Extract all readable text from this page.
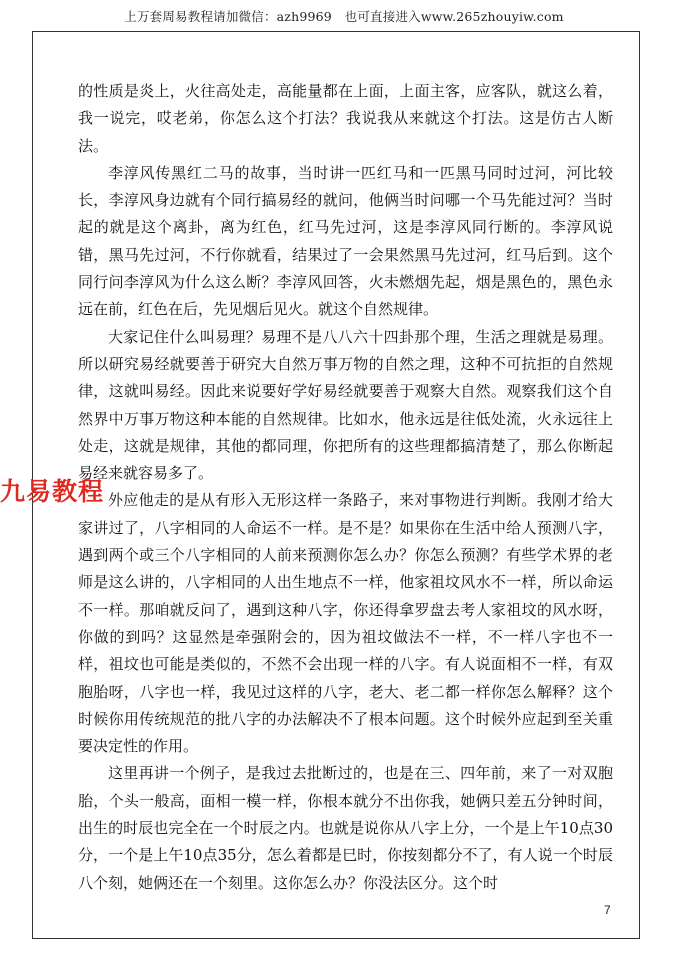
上万套周易教程请加微信：azh9969　也可直接进入www.265zhouyiw.com

的性质是炎上，火往高处走，高能量都在上面，上面主客，应客队，就这么着，我一说完，哎老弟，你怎么这个打法？我说我从来就这个打法。这是仿古人断法。

李淳风传黑红二马的故事，当时讲一匹红马和一匹黑马同时过河，河比较长，李淳风身边就有个同行搞易经的就问，他俩当时问哪一个马先能过河？当时起的就是这个离卦，离为红色，红马先过河，这是李淳风同行断的。李淳风说错，黑马先过河，不行你就看，结果过了一会果然黑马先过河，红马后到。这个同行问李淳风为什么这么断？李淳风回答，火未燃烟先起，烟是黑色的，黑色永远在前，红色在后，先见烟后见火。就这个自然规律。

大家记住什么叫易理？易理不是八八六十四卦那个理，生活之理就是易理。所以研究易经就要善于研究大自然万事万物的自然之理，这种不可抗拒的自然规律，这就叫易经。因此来说要好学好易经就要善于观察大自然。观察我们这个自然界中万事万物这种本能的自然规律。比如水，他永远是往低处流，火永远往上处走，这就是规律，其他的都同理，你把所有的这些理都搞清楚了，那么你断起易经来就容易多了。

外应他走的是从有形入无形这样一条路子，来对事物进行判断。我刚才给大家讲过了，八字相同的人命运不一样。是不是？如果你在生活中给人预测八字，遇到两个或三个八字相同的人前来预测你怎么办？你怎么预测？有些学术界的老师是这么讲的，八字相同的人出生地点不一样，他家祖坟风水不一样，所以命运不一样。那咱就反问了，遇到这种八字，你还得拿罗盘去考人家祖坟的风水呀，你做的到吗？这显然是牵强附会的，因为祖坟做法不一样，不一样八字也不一样，祖坟也可能是类似的，不然不会出现一样的八字。有人说面相不一样，有双胞胎呀，八字也一样，我见过这样的八字，老大、老二都一样你怎么解释？这个时候你用传统规范的批八字的办法解决不了根本问题。这个时候外应起到至关重要决定性的作用。

这里再讲一个例子，是我过去批断过的，也是在三、四年前，来了一对双胞胎，个头一般高，面相一模一样，你根本就分不出你我，她俩只差五分钟时间，出生的时辰也完全在一个时辰之内。也就是说你从八字上分，一个是上午10点30分，一个是上午10点35分，怎么着都是巳时，你按刻都分不了，有人说一个时辰八个刻，她俩还在一个刻里。这你怎么办？你没法区分。这个时

九易教程
7
